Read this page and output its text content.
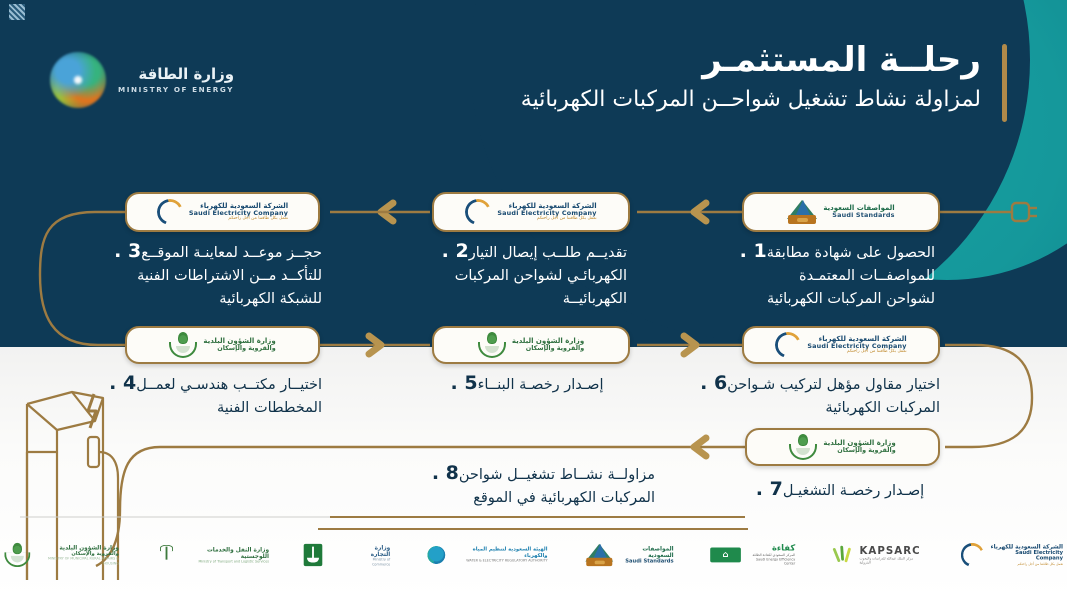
وزارة الطاقة
MINISTRY OF ENERGY
رحلــة المستثمـر
لمزاولة نشاط تشغيل شواحــن المركبات الكهربائية
المواصفات السعودية
Saudi Standards
الحصول على شهادة مطابقة1 .
للمواصفــات المعتمـدة
لشواحن المركبات الكهربائية
الشركة السعودية للكهرباء
Saudi Electricity Company
نعمل بكل طاقتنا من أجل راحتكم
تقديــم طلــب إيصال التيار2 .
الكهربائـي لشواحن المركبات
الكهربائيــة
الشركة السعودية للكهرباء
Saudi Electricity Company
نعمل بكل طاقتنا من أجل راحتكم
حجــز موعــد لمعاينـة الموقــع3 .
للتأكــد مــن الاشتراطات الفنية
للشبكة الكهربائية
وزارة الشؤون البلدية
والقروية والإسكان
اختيــار مكتــب هندسـي لعمــل4 .
المخططات الفنية
وزارة الشؤون البلدية
والقروية والإسكان
إصـدار رخصـة البنــاء5 .
الشركة السعودية للكهرباء
Saudi Electricity Company
نعمل بكل طاقتنا من أجل راحتكم
اختيار مقاول مؤهل لتركيب شـواحن6 .
المركبات الكهربائية
وزارة الشؤون البلدية
والقروية والإسكان
إصـدار رخصـة التشغيـل7 .
مزاولــة نشــاط تشغيــل شواحن8 .
المركبات الكهربائية في الموقع
الشركة السعودية للكهرباء
Saudi Electricity Company
نعمل بكل طاقتنا من أجل راحتكم
KAPSARC
مركز الملك عبدالله للدراسات والبحوث البترولية
كفاءة
المركز السعودي لكفاءة الطاقة
Saudi Energy Efficiency Center
⌂
المواصفات السعودية
Saudi Standards
الهيئة السعودية لتنظيم المياه والكهرباء
WATER & ELECTRICITY REGULATORY AUTHORITY
وزارة التجارة
Ministry of Commerce
وزارة النقل والخدمات اللوجستية
Ministry of Transport and Logistic Services
وزارة الشؤون البلدية
والقروية والإسكان
MINISTRY OF MUNICIPAL RURAL AFFAIRS & HOUSING
